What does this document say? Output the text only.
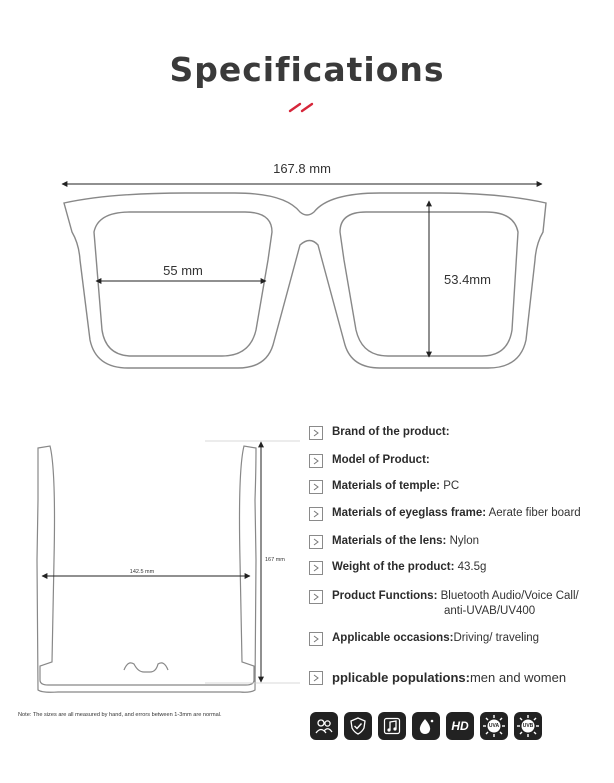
Specifications
167.8 mm
55 mm
53.4mm
142.5 mm
167 mm
Brand of the product:
Model of Product:
Materials of temple: PC
Materials of eyeglass frame: Aerate fiber board
Materials of the lens: Nylon
Weight of the product: 43.5g
Product Functions: Bluetooth Audio/Voice Call/
anti-UVAB/UV400
Applicable occasions:Driving/ traveling
pplicable populations:men and women
Note: The sizes are all measured by hand, and errors between 1-3mm are normal.
HD	UVA	UVB
